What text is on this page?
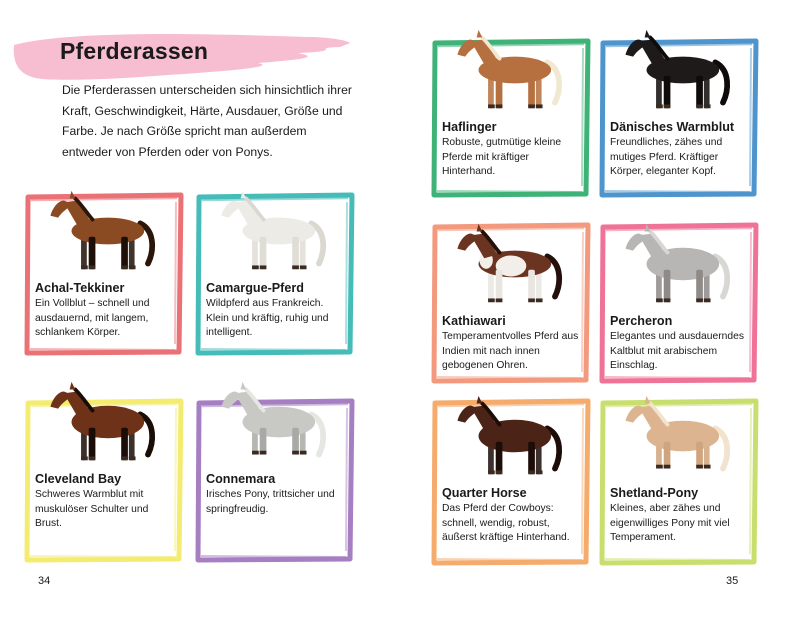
Pferderassen

Die Pferderassen unterscheiden sich hinsichtlich ihrer Kraft, Geschwindigkeit, Härte, Ausdauer, Größe und Farbe. Je nach Größe spricht man außerdem entweder von Pferden oder von Ponys.

Achal-Tekkiner
Ein Vollblut – schnell und ausdauernd, mit langem, schlankem Körper.
Camargue-Pferd
Wildpferd aus Frankreich. Klein und kräftig, ruhig und intelligent.
Cleveland Bay
Schweres Warmblut mit muskulöser Schulter und Brust.
Connemara
Irisches Pony, trittsicher und springfreudig.
Haflinger
Robuste, gutmütige kleine Pferde mit kräftiger Hinterhand.
Dänisches Warmblut
Freundliches, zähes und mutiges Pferd. Kräftiger Körper, eleganter Kopf.
Kathiawari
Temperamentvolles Pferd aus Indien mit nach innen gebogenen Ohren.
Percheron
Elegantes und ausdauerndes Kaltblut mit arabischem Einschlag.
Quarter Horse
Das Pferd der Cowboys: schnell, wendig, robust, äußerst kräftige Hinterhand.
Shetland-Pony
Kleines, aber zähes und eigenwilliges Pony mit viel Temperament.
34	35
